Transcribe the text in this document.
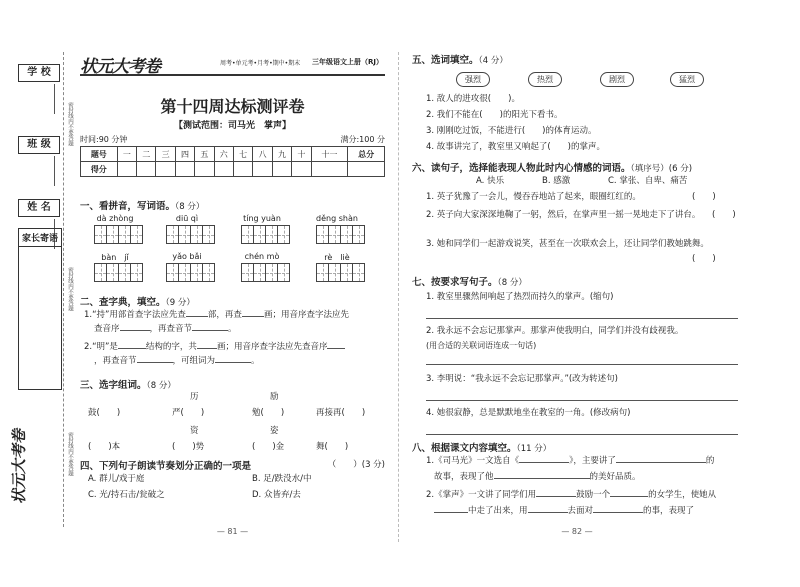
学 校
班 级
姓 名
家长寄语
密封线内不要答题
密封线内不要答题
密封线内不要答题
状元大考卷
状元大考卷	周考•单元考•月考•期中•期末 三年级语文上册（RJ）
第十四周达标测评卷
【测试范围：司马光　掌声】
时间:90 分钟	满分:100 分
题号	一	二	三	四	五	六	七	八	九	十	十一	总分
得分												
一、看拼音，写词语。（8 分）
dà zhòng	diū qì	tíng yuàn	děng shàn
bàn　jǐ	yǎo bǎi	chén mò	rè　liè
二、查字典，填空。（9 分）
1.“持”用部首查字法应先查	部，再查	画；用音序查字法应先
查音序	，再查音节	。
2.“明”是	结构的字，共 画；用音序查字法应先查音序
，再查音节	，可组词为	。
三、选字组词。（8 分）
历	励
鼓(　　)	严(　　)	勉(　　)	再接再(　　)
资	姿
(　　)本	(　　)势	(　　)金	舞(　　)
四、下列句子朗读节奏划分正确的一项是	（　　）(3 分)
A. 群儿/戏于庭	B. 足/跌没水/中
C. 光/持石击/瓮破之	D. 众皆弃/去
— 81 —
五、选词填空。（4 分）
强烈	热烈	剧烈	猛烈
1. 敌人的进攻很(　　)。
2. 我们不能在(　　)的阳光下看书。
3. 刚刚吃过饭，不能进行(　　)的体育运动。
4. 故事讲完了，教室里又响起了(　　)的掌声。
六、读句子，选择能表现人物此时内心情感的词语。（填序号）(6 分)
A. 快乐	B. 感激	C. 掌张、自卑、痛苦
1. 英子犹豫了一会儿，慢吞吞地站了起来，眼圈红红的。	(　　)
2. 英子向大家深深地鞠了一躬，然后，在掌声里一摇一晃地走下了讲台。 (　　)
3. 她和同学们一起游戏说笑，甚至在一次联欢会上，还让同学们教她跳舞。
(　　)
七、按要求写句子。（8 分）
1. 教室里骤然间响起了热烈而持久的掌声。(缩句)
2. 我永远不会忘记那掌声。那掌声使我明白，同学们并没有歧视我。
(用合适的关联词语连成一句话)
3. 李明说：“我永远不会忘记那掌声。”(改为转述句)
4. 她很寂静，总是默默地坐在教室的一角。(修改病句)
八、根据课文内容填空。（11 分）
1.《司马光》一文选自《	》，主要讲了	的
故事，表现了他	的美好品质。
2.《掌声》一文讲了同学们用	鼓励一个	的女学生，使她从
中走了出来，用	去面对	的事，表现了
— 82 —
